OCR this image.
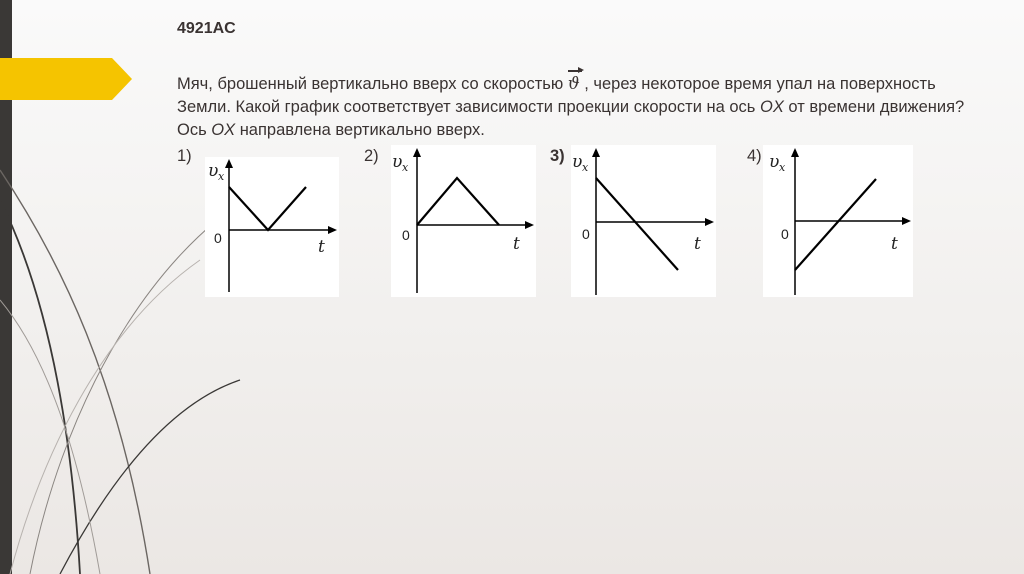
4921AC
Мяч, брошенный вертикально вверх со скоростью ϑ , через некоторое время упал на поверхность Земли. Какой график соответствует зависимости проекции скорости на ось OX от времени движения? Ось OX направлена вертикально вверх.
1)	2)	3)	4)
υ x
0	t
υ x
0	t
υ x
0	t
υ x
0	t
